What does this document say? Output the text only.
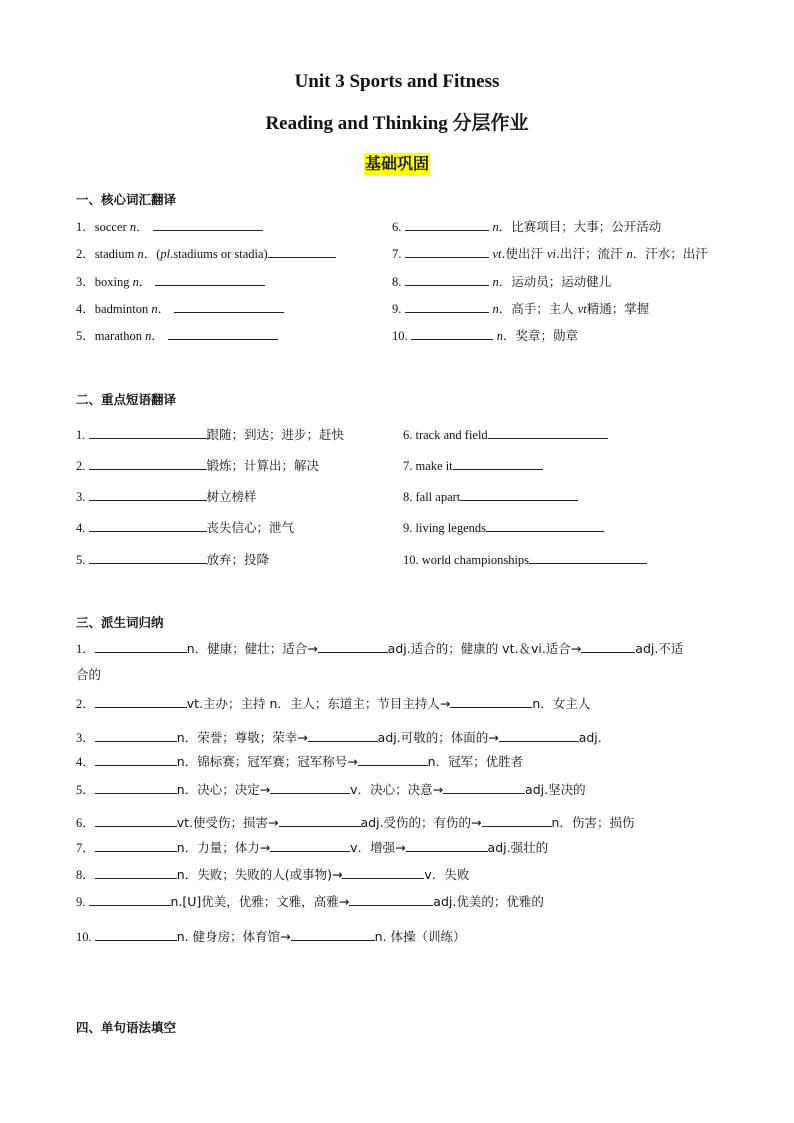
Unit 3 Sports and Fitness
Reading and Thinking 分层作业
基础巩固
一、核心词汇翻译
1．soccer n．
2．stadium n．(pl.stadiums or stadia)
3．boxing n．
4．badminton n．
5．marathon n．
6.	n．比赛项目；大事；公开活动
7.	vt.使出汗 vi.出汗；流汗 n．汗水；出汗
8.	n．运动员；运动健儿
9.	n．高手；主人 vt精通；掌握
10.	n．奖章；勋章
二、重点短语翻译
1.	跟随；到达；进步；赶快
2.	锻炼；计算出；解决
3.	树立榜样
4.	丧失信心；泄气
5.	放弃；投降
6. track and field
7. make it
8. fall apart
9. living legends
10. world championships
三、派生词归纳
1．	n．健康；健壮；适合→	adj.适合的；健康的 vt.＆vi.适合→	adj.不适
合的
2．	vt.主办；主持 n．主人；东道主；节目主持人→	n．女主人
3．	n．荣誉；尊敬；荣幸→	adj.可敬的；体面的→	adj.
4．	n．锦标赛；冠军赛；冠军称号→	n．冠军；优胜者
5．	n．决心；决定→	v．决心；决意→	adj.坚决的
6．	vt.使受伤；损害→	adj.受伤的；有伤的→	n．伤害；损伤
7．	n．力量；体力→	v．增强→	adj.强壮的
8．	n．失败；失败的人(或事物)→	v．失败
9.	n.[U]优美，优雅；文雅，高雅→	adj.优美的；优雅的
10.	n. 健身房；体育馆→	n. 体操（训练）
四、单句语法填空
